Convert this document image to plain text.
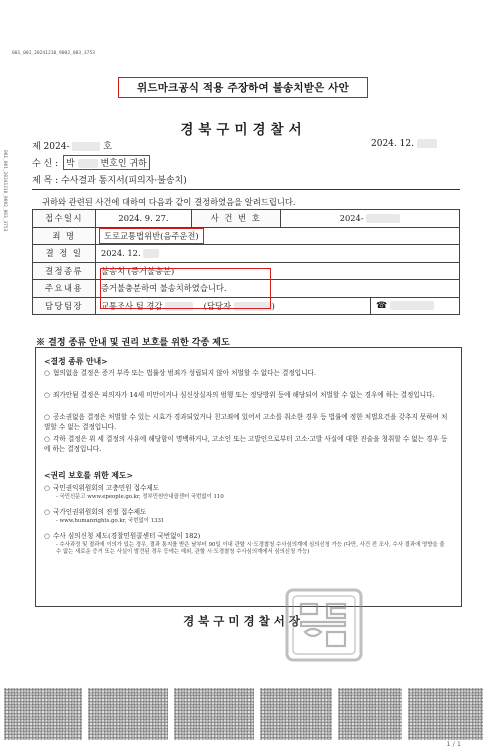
001_001_20241210_9002_003_3753
001_001_20241210_9002_003_3753
위드마크공식 적용 주장하여 불송치받은 사안
경북구미경찰서
제 2024-	호	2024. 12.
수 신 : 박	변호인 귀하
제 목 : 수사결과 통지서(피의자·불송치)
귀하와 관련된 사건에 대하여 다음과 같이 결정하였음을 알려드립니다.
접수일시	2024. 9. 27.	사 건 번 호	2024-	
죄 명	도로교통법위반(음주운전)			
결 정 일	2024. 12.			
결정종류	불송치 (증거불충분)			
주요내용	증거불충분하여 불송치하였습니다.			
담당팀장	교통조사 팀 경감 (담당자 )			☎
※ 결정 종류 안내 및 권리 보호를 위한 각종 제도
<결정 종류 안내>
○ 혐의없음 결정은 증거 부족 또는 법률상 범죄가 성립되지 않아 처벌할 수 없다는 결정입니다.
○ 죄가안됨 결정은 피의자가 14세 미만이거나 심신상실자의 범행 또는 정당방위 등에 해당되어 처벌할 수 없는 경우에 하는 결정입니다.
○ 공소권없음 결정은 처벌할 수 있는 시효가 경과되었거나 친고죄에 있어서 고소를 취소한 경우 등 법률에 정한 처벌요건을 갖추지 못하여 처벌할 수 없는 결정입니다.
○ 각하 결정은 위 세 결정의 사유에 해당함이 명백하거나, 고소인 또는 고발인으로부터 고소·고발 사실에 대한 진술을 청취할 수 없는 경우 등에 하는 결정입니다.
<권리 보호를 위한 제도>
○ 국민권익위원회의 고충민원 접수제도
- 국민신문고 www.epeople.go.kr, 정부민원안내콜센터 국번없이 110
○ 국가인권위원회의 진정 접수제도
- www.humanrights.go.kr, 국번없이 1331
○ 수사 심의신청 제도(경찰민원콜센터 국번없이 182)
- 수사과정 및 결과에 이의가 있는 경우, 결과 통지를 받은 날부터 90일 이내 관할 시·도경찰청 수사심의계에 심의신청 가능 (다만, 사건 전 조사, 수사 결과에 영향을 줄 수 없는 새로운 증거 또는 사실이 발견된 경우 등에는 예외, 관할 시·도경찰청 수사심의계에서 심의신청 가능)
경북구미경찰서장
1 / 1
